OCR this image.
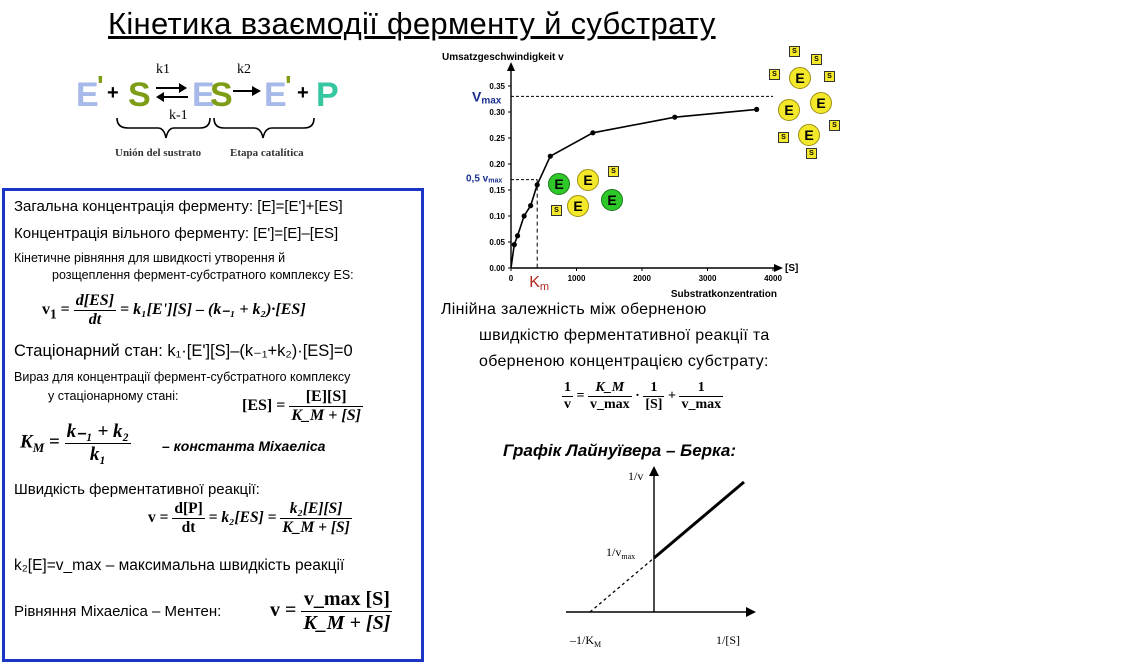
Кінетика взаємодії ферменту й субстрату
E
' + S
k1
k-1
⇌ E
S
k2
E
' + P
Unión del sustrato	Etapa catalítica
Загальна концентрація ферменту: [E]=[E']+[ES]
Концентрація вільного ферменту: [E']=[E]–[ES]
Кінетичне рівняння для швидкості утворення й
розщеплення фермент-субстратного комплексу ES:
$v_1 = \frac{d[ES]}{dt} = k_1[E'][S] - (k_{-1} + k_2)\cdot[ES]$
Стаціонарний стан: k₁·[E'][S]–(k₋₁+k₂)·[ES]=0
Вираз для концентрації фермент-субстратного комплексу
у стаціонарному стані:
$[ES] = \frac{[E][S]}{K\_M + [S]}$
$K_M = \frac{\text{k₋₁ + k₂}}{\text{k₁}}$ – константа Міхаеліса
Швидкість ферментативної реакції:
$v = \frac{d[P]}{dt} = k_2[ES] = \frac{\text{k₂[E][S]}}{K\_M + [S]}$
k₂[E]=v_max – максимальна швидкість реакції
Рівняння Міхаеліса – Ментен: $v = \frac{v\_\max [S]}{K\_M + [S]}$
0.00
0.05
0.10
0.15
0.20
0.25
0.30
0.35
0	1000	2000	3000	4000
Umsatzgeschwindigkeit v
[S]
Substratkonzentration
Vmax
0,5 vmax
Km
E	E
E	E
S
S
E
E	E
E
S
S
S	S
S
S
S
Лінійна залежність між оберненою
швидкістю ферментативної реакції та
оберненою концентрацією субстрату:
$\frac{1}{v} = \frac{K\_M}{v\_\max} \cdot \frac{1}{[S]} + \frac{1}{v\_\max}$
Графік Лайнуївера – Берка:
1/v
$1/v_{max}$
$-1/K_M$	1/[S]
